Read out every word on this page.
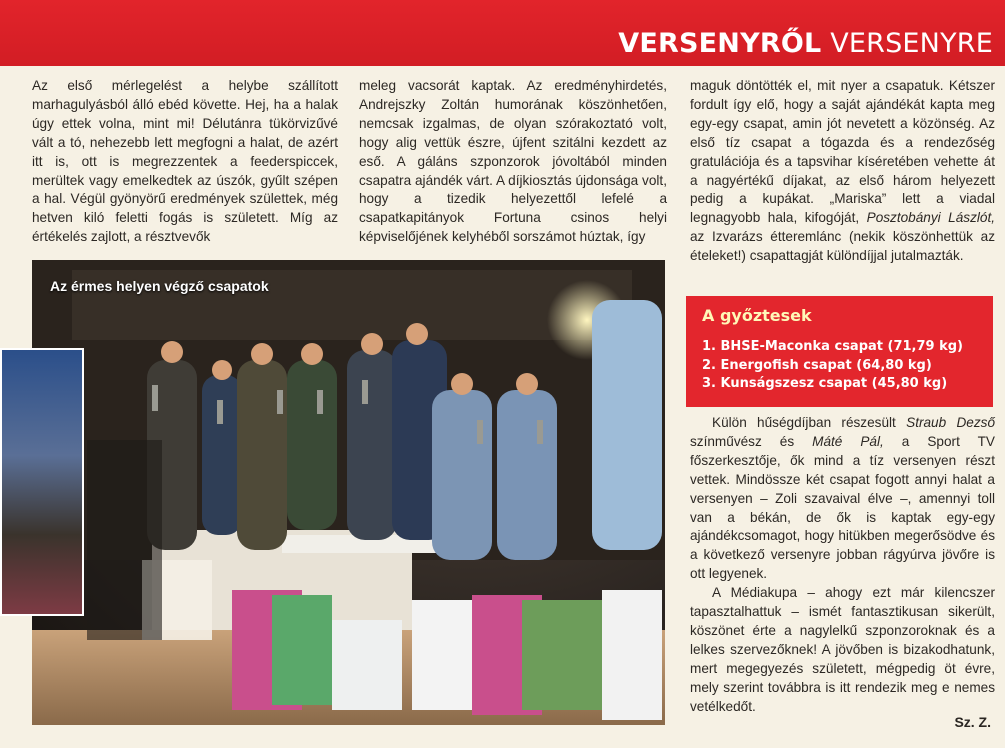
VERSENYRŐL VERSENYRE

Az első mérlegelést a helybe szállított marhagulyásból álló ebéd követte. Hej, ha a halak úgy ettek volna, mint mi! Délutánra tükörvizűvé vált a tó, nehezebb lett megfogni a halat, de azért itt is, ott is megrezzentek a feederspiccek, merültek vagy emelkedtek az úszók, gyűlt szépen a hal. Végül gyönyörű eredmények születtek, még hetven kiló feletti fogás is született. Míg az értékelés zajlott, a résztvevők

meleg vacsorát kaptak. Az eredményhirdetés, Andrejszky Zoltán humorának köszönhetően, nemcsak izgalmas, de olyan szórakoztató volt, hogy alig vettük észre, újfent szitálni kezdett az eső. A gáláns szponzorok jóvoltából minden csapatra ajándék várt. A díjkiosztás újdonsága volt, hogy a tizedik helyezettől lefelé a csapatkapitányok Fortuna csinos helyi képviselőjének kelyhéből sorszámot húztak, így

maguk döntötték el, mit nyer a csapatuk. Kétszer fordult így elő, hogy a saját ajándékát kapta meg egy-egy csapat, amin jót nevetett a közönség. Az első tíz csapat a tógazda és a rendezőség gratulációja és a tapsvihar kíséretében vehette át a nagyértékű díjakat, az első három helyezett pedig a kupákat. „Mariska” lett a viadal legnagyobb hala, kifogóját, Posztobányi Lászlót, az Izvarázs étteremlánc (nekik köszönhettük az ételeket!) csapattagját különdíjjal jutalmazták.

Az érmes helyen végző csapatok
A győztesek
1. BHSE-Maconka csapat (71,79 kg)
2. Energofish csapat (64,80 kg)
3. Kunságszesz csapat (45,80 kg)

Külön hűségdíjban részesült Straub Dezső színművész és Máté Pál, a Sport TV főszerkesztője, ők mind a tíz versenyen részt vettek. Mindössze két csapat fogott annyi halat a versenyen – Zoli szavaival élve –, amennyi toll van a békán, de ők is kaptak egy-egy ajándékcsomagot, hogy hitükben megerősödve és a következő versenyre jobban rágyúrva jövőre is ott legyenek.

A Médiakupa – ahogy ezt már kilencszer tapasztalhattuk – ismét fantasztikusan sikerült, köszönet érte a nagylelkű szponzoroknak és a lelkes szervezőknek! A jövőben is bizakodhatunk, mert megegyezés született, mégpedig öt évre, mely szerint továbbra is itt rendezik meg e nemes vetélkedőt.

Sz. Z.
